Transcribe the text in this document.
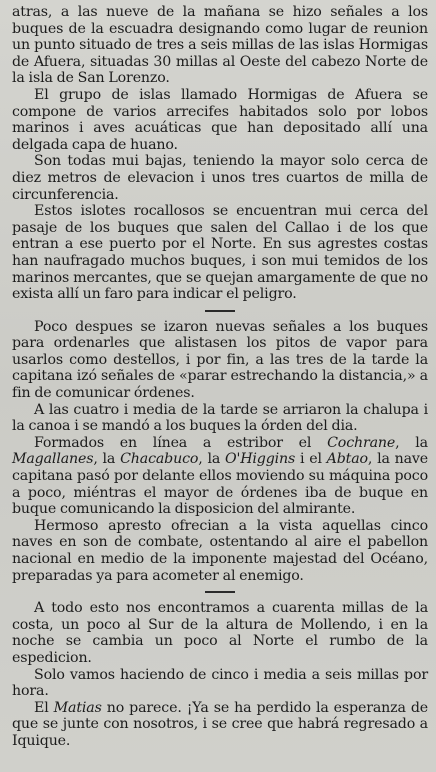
atras, a las nueve de la mañana se hizo señales a los buques de la escuadra designando como lugar de reunion un punto situado de tres a seis millas de las islas Hormigas de Afuera, situadas 30 millas al Oeste del cabezo Norte de la isla de San Lorenzo.

El grupo de islas llamado Hormigas de Afuera se compone de varios arrecifes habitados solo por lobos marinos i aves acuáticas que han depositado allí una delgada capa de huano.

Son todas mui bajas, teniendo la mayor solo cerca de diez metros de elevacion i unos tres cuartos de milla de circunferencia.

Estos islotes rocallosos se encuentran mui cerca del pasaje de los buques que salen del Callao i de los que entran a ese puerto por el Norte. En sus agrestes costas han naufragado muchos buques, i son mui temidos de los marinos mercantes, que se quejan amargamente de que no exista allí un faro para indicar el peligro.

Poco despues se izaron nuevas señales a los buques para ordenarles que alistasen los pitos de vapor para usarlos como destellos, i por fin, a las tres de la tarde la capitana izó señales de «parar estrechando la distancia,» a fin de comunicar órdenes.

A las cuatro i media de la tarde se arriaron la chalupa i la canoa i se mandó a los buques la órden del dia.

Formados en línea a estribor el Cochrane, la Magallanes, la Chacabuco, la O'Higgins i el Abtao, la nave capitana pasó por delante ellos moviendo su máquina poco a poco, miéntras el mayor de órdenes iba de buque en buque comunicando la disposicion del almirante.

Hermoso apresto ofrecian a la vista aquellas cinco naves en son de combate, ostentando al aire el pabellon nacional en medio de la imponente majestad del Océano, preparadas ya para acometer al enemigo.

A todo esto nos encontramos a cuarenta millas de la costa, un poco al Sur de la altura de Mollendo, i en la noche se cambia un poco al Norte el rumbo de la espedicion.

Solo vamos haciendo de cinco i media a seis millas por hora.

El Matias no parece. ¡Ya se ha perdido la esperanza de que se junte con nosotros, i se cree que habrá regresado a Iquique.
